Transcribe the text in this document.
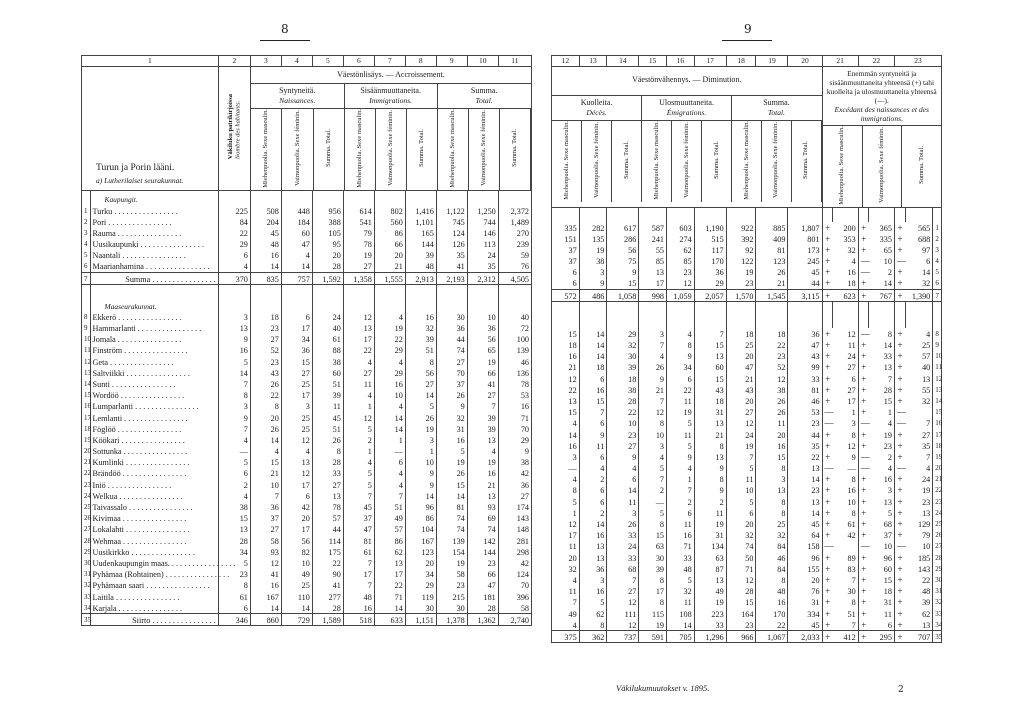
8	9
1	2	3	4	5	6	7	8	9	10	11

Turun ja Porin lääni.
a) Lutherilaiset seurakunnat.
	Väkiluku patrikirjoissa
Nombre des habitants.	
Väestönlisäys. — Accroissement.
Syntyneitä.
Naissances.	Sisäänmuuttaneita.
Immigrations.	Summa.
Total.
Miehenpuolia. Sexe masculin.	Vaimonpuolia. Sexe féminin.	Summa. Total.	Miehenpuolia. Sexe masculin.	Vaimonpuolia. Sexe féminin.	Summa. Total.	Miehenpuolia. Sexe masculin.	Vaimonpuolia. Sexe féminin.	Summa. Total.

	Kaupungit.										
1	Turku . . . . . . . . . . . . . . . .	225	508	448	956	614	802	1,416	1,122	1,250	2,372
2	Pori . . . . . . . . . . . . . . . .	84	204	184	388	541	560	1,101	745	744	1,489
3	Rauma . . . . . . . . . . . . . . . .	22	45	60	105	79	86	165	124	146	270
4	Uusikaupunki . . . . . . . . . . . . . . . .	29	48	47	95	78	66	144	126	113	239
5	Naantali . . . . . . . . . . . . . . . .	6	16	4	20	19	20	39	35	24	59
6	Maarianhamina . . . . . . . . . . . . . . . .	4	14	14	28	27	21	48	41	35	76
7	Summa . . . . . . . . . . . . . . . .	370	835	757	1,592	1,358	1,555	2,913	2,193	2,312	4,505

	Maaseurakunnat.										
8	Ekkerö . . . . . . . . . . . . . . . .	3	18	6	24	12	4	16	30	10	40
9	Hammarlanti . . . . . . . . . . . . . . . .	13	23	17	40	13	19	32	36	36	72
10	Jomala . . . . . . . . . . . . . . . .	9	27	34	61	17	22	39	44	56	100
11	Finström . . . . . . . . . . . . . . . .	16	52	36	88	22	29	51	74	65	139
12	Geta . . . . . . . . . . . . . . . .	5	23	15	38	4	4	8	27	19	46
13	Saltviikki . . . . . . . . . . . . . . . .	14	43	27	60	27	29	56	70	66	136
14	Sunti . . . . . . . . . . . . . . . .	7	26	25	51	11	16	27	37	41	78
15	Wordöö . . . . . . . . . . . . . . . .	8	22	17	39	4	10	14	26	27	53
16	Lumparlanti . . . . . . . . . . . . . . . .	3	8	3	11	1	4	5	9	7	16
17	Lemlanti . . . . . . . . . . . . . . . .	9	20	25	45	12	14	26	32	39	71
18	Föglöö . . . . . . . . . . . . . . . .	7	26	25	51	5	14	19	31	39	70
19	Köökari . . . . . . . . . . . . . . . .	4	14	12	26	2	1	3	16	13	29
20	Sottunka . . . . . . . . . . . . . . . .	—	4	4	8	1	—	1	5	4	9
21	Kumlinki . . . . . . . . . . . . . . . .	5	15	13	28	4	6	10	19	19	38
22	Brändöö . . . . . . . . . . . . . . . .	6	21	12	33	5	4	9	26	16	42
23	Iniö . . . . . . . . . . . . . . . .	2	10	17	27	5	4	9	15	21	36
24	Welkua . . . . . . . . . . . . . . . .	4	7	6	13	7	7	14	14	13	27
25	Taivassalo . . . . . . . . . . . . . . . .	38	36	42	78	45	51	96	81	93	174
26	Kivimaa . . . . . . . . . . . . . . . .	15	37	20	57	37	49	86	74	69	143
27	Lokalahti . . . . . . . . . . . . . . . .	13	27	17	44	47	57	104	74	74	148
28	Wehmaa . . . . . . . . . . . . . . . .	28	58	56	114	81	86	167	139	142	281
29	Uusikirkko . . . . . . . . . . . . . . . .	34	93	82	175	61	62	123	154	144	298
30	Uudenkaupungin maas. . . . . . . . . . . . . . . . .	5	12	10	22	7	13	20	19	23	42
31	Pyhämaa (Rohtainen) . . . . . . . . . . . . . . . .	23	41	49	90	17	17	34	58	66	124
32	Pyhämaan saari . . . . . . . . . . . . . . . .	8	16	25	41	7	22	29	23	47	70
33	Laitila . . . . . . . . . . . . . . . .	61	167	110	277	48	71	119	215	181	396
34	Karjala . . . . . . . . . . . . . . . .	6	14	14	28	16	14	30	30	28	58
35	Siirto . . . . . . . . . . . . . . . .	346	860	729	1,589	518	633	1,151	1,378	1,362	2,740
12	13	14	15	16	17	18	19	20	21	22	23

Väestönvähennys. — Diminution.
Kuolleita.
Décès.	Ulosmuuttaneita.
Émigrations.	Summa.
Total.
Miehenpuolia. Sexe masculin.	Vaimonpuolia. Sexe féminin.	Summa. Total.	Miehenpuolia. Sexe masculin.	Vaimonpuolia. Sexe féminin.	Summa. Total.	Miehenpuolia. Sexe masculin.	Vaimonpuolia. Sexe féminin.	Summa. Total.

Enemmän syntyneitä ja sisäänmuuttaneita yhteensä (+) tahi kuolleita ja ulosmuuttaneita yhteensä (—).
Excédant des naissances et des immigrations.
Miehenpuolia. Sexe masculin.	Vaimonpuolia. Sexe féminin.	Summa. Total.

335	282	617	587	603	1,190	922	885	1,807	+	200	+	365	+	565	1
151	135	286	241	274	515	392	409	801	+	353	+	335	+	688	2
37	19	56	55	62	117	92	81	173	+	32	+	65	+	97	3
37	38	75	85	85	170	122	123	245	+	4	—	10	—	6	4
6	3	9	13	23	36	19	26	45	+	16	—	2	+	14	5
6	9	15	17	12	29	23	21	44	+	18	+	14	+	32	6
572	486	1,058	998	1,059	2,057	1,570	1,545	3,115	+	623	+	767	+	1,390	7

15	14	29	3	4	7	18	18	36	+	12	—	8	+	4	8
18	14	32	7	8	15	25	22	47	+	11	+	14	+	25	9
16	14	30	4	9	13	20	23	43	+	24	+	33	+	57	10
21	18	39	26	34	60	47	52	99	+	27	+	13	+	40	11
12	6	18	9	6	15	21	12	33	+	6	+	7	+	13	12
22	16	38	21	22	43	43	38	81	+	27	+	28	+	55	13
13	15	28	7	11	18	20	26	46	+	17	+	15	+	32	14
15	7	22	12	19	31	27	26	53	—	1	+	1	—		15
4	6	10	8	5	13	12	11	23	—	3	—	4	—	7	16
14	9	23	10	11	21	24	20	44	+	8	+	19	+	27	17
16	11	27	3	5	8	19	16	35	+	12	+	23	+	35	18
3	6	9	4	9	13	7	15	22	+	9	—	2	+	7	19
—	4	4	5	4	9	5	8	13	—	—	—	4	—	4	20
4	2	6	7	1	8	11	3	14	+	8	+	16	+	24	21
8	6	14	2	7	9	10	13	23	+	16	+	3	+	19	22
5	6	11	—	2	2	5	8	13	+	10	+	13	+	23	23
1	2	3	5	6	11	6	8	14	+	8	+	5	+	13	24
12	14	26	8	11	19	20	25	45	+	61	+	68	+	129	25
17	16	33	15	16	31	32	32	64	+	42	+	37	+	79	26
11	13	24	63	71	134	74	84	158	—		—	10	—	10	27
20	13	33	30	33	63	50	46	96	+	89	+	96	+	185	28
32	36	68	39	48	87	71	84	155	+	83	+	60	+	143	29
4	3	7	8	5	13	12	8	20	+	7	+	15	+	22	30
11	16	27	17	32	49	28	48	76	+	30	+	18	+	48	31
7	5	12	8	11	19	15	16	31	+	8	+	31	+	39	32
49	62	111	115	108	223	164	170	334	+	51	+	11	+	62	33
4	8	12	19	14	33	23	22	45	+	7	+	6	+	13	34
375	362	737	591	705	1,296	966	1,067	2,033	+	412	+	295	+	707	35
Väkilukumuutokset v. 1895.	2
